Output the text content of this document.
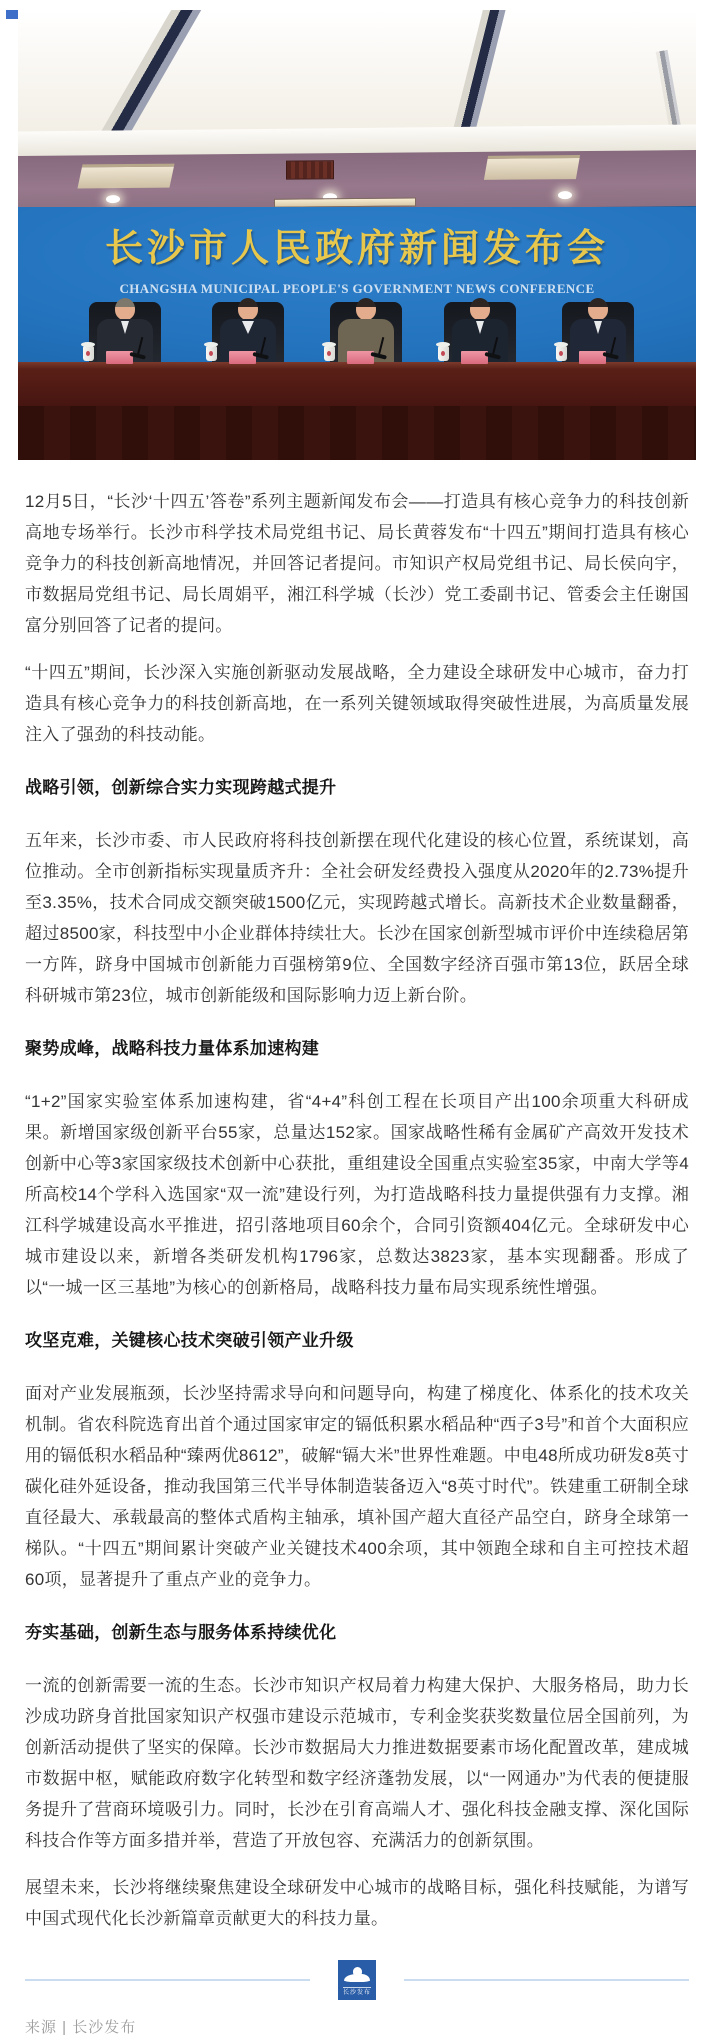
长沙市人民政府新闻发布会
CHANGSHA MUNICIPAL PEOPLE'S GOVERNMENT NEWS CONFERENCE

12月5日，“长沙‘十四五’答卷”系列主题新闻发布会——打造具有核心竞争力的科技创新高地专场举行。长沙市科学技术局党组书记、局长黄蓉发布“十四五”期间打造具有核心竞争力的科技创新高地情况，并回答记者提问。市知识产权局党组书记、局长侯向宇，市数据局党组书记、局长周娟平，湘江科学城（长沙）党工委副书记、管委会主任谢国富分别回答了记者的提问。

“十四五”期间，长沙深入实施创新驱动发展战略，全力建设全球研发中心城市，奋力打造具有核心竞争力的科技创新高地，在一系列关键领域取得突破性进展，为高质量发展注入了强劲的科技动能。

战略引领，创新综合实力实现跨越式提升

五年来，长沙市委、市人民政府将科技创新摆在现代化建设的核心位置，系统谋划，高位推动。全市创新指标实现量质齐升：全社会研发经费投入强度从2020年的2.73%提升至3.35%，技术合同成交额突破1500亿元，实现跨越式增长。高新技术企业数量翻番，超过8500家，科技型中小企业群体持续壮大。长沙在国家创新型城市评价中连续稳居第一方阵，跻身中国城市创新能力百强榜第9位、全国数字经济百强市第13位，跃居全球科研城市第23位，城市创新能级和国际影响力迈上新台阶。

聚势成峰，战略科技力量体系加速构建

“1+2”国家实验室体系加速构建，省“4+4”科创工程在长项目产出100余项重大科研成果。新增国家级创新平台55家，总量达152家。国家战略性稀有金属矿产高效开发技术创新中心等3家国家级技术创新中心获批，重组建设全国重点实验室35家，中南大学等4所高校14个学科入选国家“双一流”建设行列，为打造战略科技力量提供强有力支撑。湘江科学城建设高水平推进，招引落地项目60余个，合同引资额404亿元。全球研发中心城市建设以来，新增各类研发机构1796家，总数达3823家，基本实现翻番。形成了以“一城一区三基地”为核心的创新格局，战略科技力量布局实现系统性增强。

攻坚克难，关键核心技术突破引领产业升级

面对产业发展瓶颈，长沙坚持需求导向和问题导向，构建了梯度化、体系化的技术攻关机制。省农科院选育出首个通过国家审定的镉低积累水稻品种“西子3号”和首个大面积应用的镉低积水稻品种“臻两优8612”，破解“镉大米”世界性难题。中电48所成功研发8英寸碳化硅外延设备，推动我国第三代半导体制造装备迈入“8英寸时代”。铁建重工研制全球直径最大、承载最高的整体式盾构主轴承，填补国产超大直径产品空白，跻身全球第一梯队。“十四五”期间累计突破产业关键技术400余项，其中领跑全球和自主可控技术超60项，显著提升了重点产业的竞争力。

夯实基础，创新生态与服务体系持续优化

一流的创新需要一流的生态。长沙市知识产权局着力构建大保护、大服务格局，助力长沙成功跻身首批国家知识产权强市建设示范城市，专利金奖获奖数量位居全国前列，为创新活动提供了坚实的保障。长沙市数据局大力推进数据要素市场化配置改革，建成城市数据中枢，赋能政府数字化转型和数字经济蓬勃发展，以“一网通办”为代表的便捷服务提升了营商环境吸引力。同时，长沙在引育高端人才、强化科技金融支撑、深化国际科技合作等方面多措并举，营造了开放包容、充满活力的创新氛围。

展望未来，长沙将继续聚焦建设全球研发中心城市的战略目标，强化科技赋能，为谱写中国式现代化长沙新篇章贡献更大的科技力量。

长沙发布
来源 | 长沙发布
